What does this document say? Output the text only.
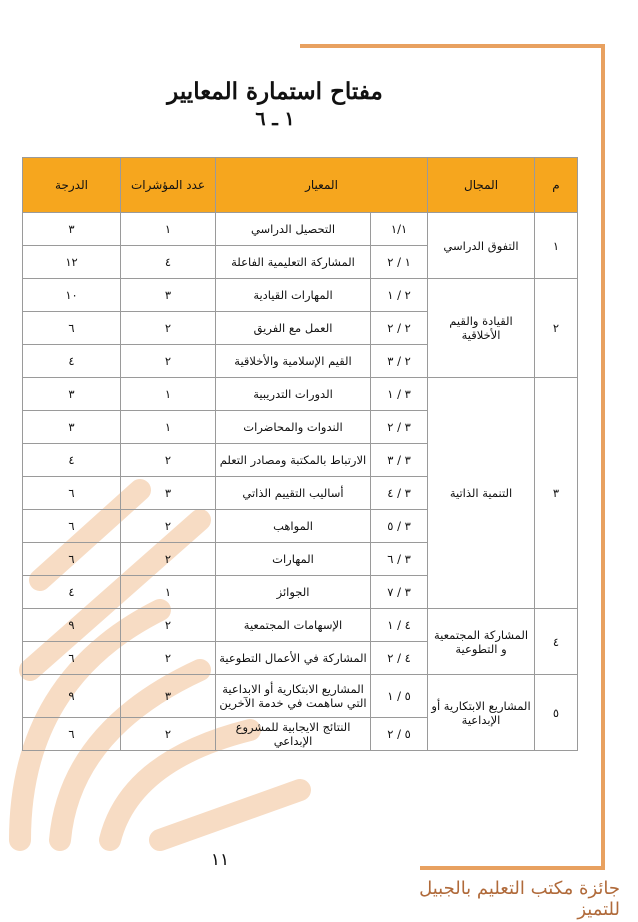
مفتاح استمارة المعايير
١ ـ ٦
م	المجال	المعيار		عدد المؤشرات	الدرجة
١	التفوق الدراسي	١/١	التحصيل الدراسي	١	٣
		١ / ٢	المشاركة التعليمية الفاعلة	٤	١٢
٢	القيادة والقيم الأخلاقية	٢ / ١	المهارات القيادية	٣	١٠
		٢ / ٢	العمل مع الفريق	٢	٦
		٢ / ٣	القيم الإسلامية والأخلاقية	٢	٤
٣	التنمية الذاتية	٣ / ١	الدورات التدريبية	١	٣
		٣ / ٢	الندوات والمحاضرات	١	٣
		٣ / ٣	الارتباط بالمكتبة ومصادر التعلم	٢	٤
		٣ / ٤	أساليب التقييم الذاتي	٣	٦
		٣ / ٥	المواهب	٢	٦
		٣ / ٦	المهارات	٢	٦
		٣ / ٧	الجوائز	١	٤
٤	المشاركة المجتمعية و التطوعية	٤ / ١	الإسهامات المجتمعية	٢	٩
		٤ / ٢	المشاركة في الأعمال التطوعية	٢	٦
٥	المشاريع الابتكارية أو الإبداعية	٥ / ١	المشاريع الابتكارية أو الابداعية التي ساهمت في خدمة الآخرين	٣	٩
		٥ / ٢	النتائج الايجابية للمشروع الإبداعي	٢	٦
١١
جائزة مكتب التعليم بالجبيل للتميز
